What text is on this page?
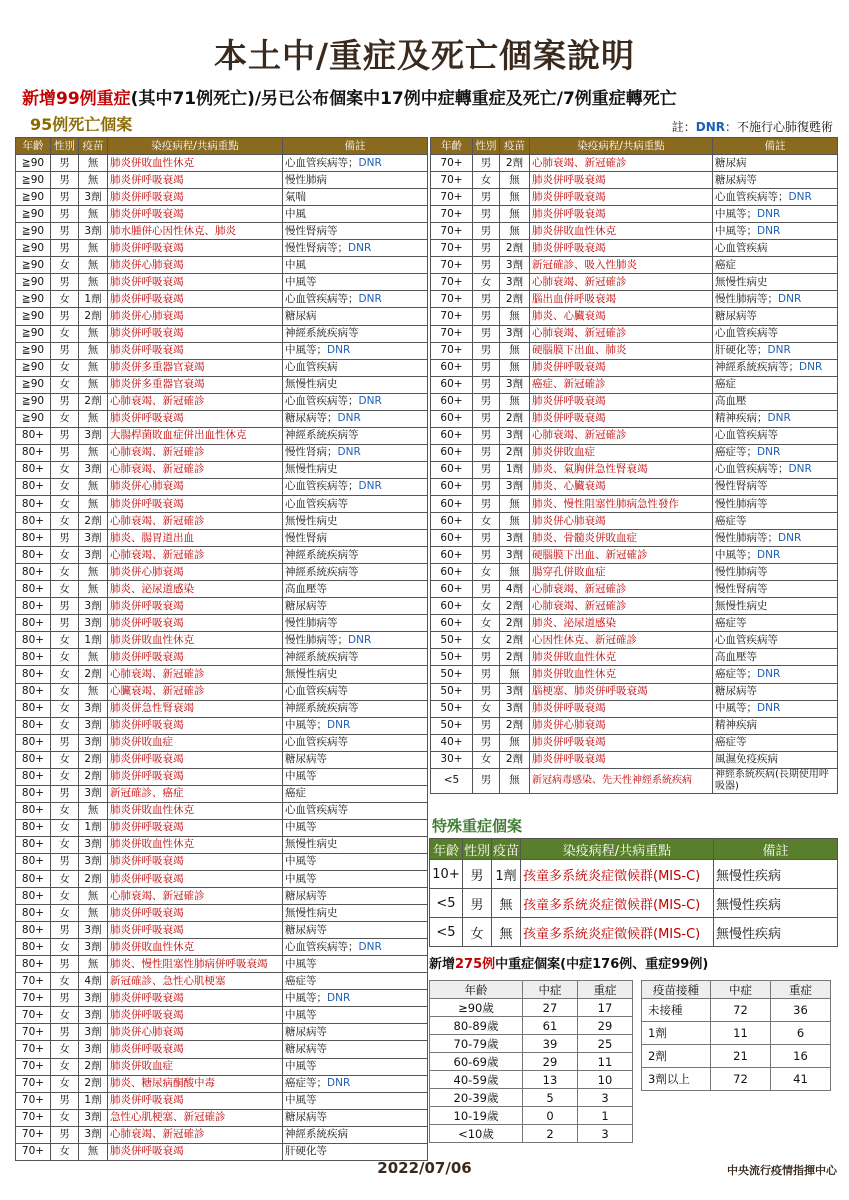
本土中/重症及死亡個案說明
新增99例重症(其中71例死亡)/另已公布個案中17例中症轉重症及死亡/7例重症轉死亡
95例死亡個案	註：DNR：不施行心肺復甦術
年齡	性別	疫苗	染疫病程/共病重點	備註
≧90	男	無	肺炎併敗血性休克	心血管疾病等；DNR
≧90	男	無	肺炎併呼吸衰竭	慢性肺病
≧90	男	3劑	肺炎併呼吸衰竭	氣喘
≧90	男	無	肺炎併呼吸衰竭	中風
≧90	男	3劑	肺水腫併心因性休克、肺炎	慢性腎病等
≧90	男	無	肺炎併呼吸衰竭	慢性腎病等；DNR
≧90	女	無	肺炎併心肺衰竭	中風
≧90	男	無	肺炎併呼吸衰竭	中風等
≧90	女	1劑	肺炎併呼吸衰竭	心血管疾病等；DNR
≧90	男	2劑	肺炎併心肺衰竭	糖尿病
≧90	女	無	肺炎併呼吸衰竭	神經系統疾病等
≧90	男	無	肺炎併呼吸衰竭	中風等；DNR
≧90	女	無	肺炎併多重器官衰竭	心血管疾病
≧90	女	無	肺炎併多重器官衰竭	無慢性病史
≧90	男	2劑	心肺衰竭、新冠確診	心血管疾病等；DNR
≧90	女	無	肺炎併呼吸衰竭	糖尿病等；DNR
80+	男	3劑	大腸桿菌敗血症併出血性休克	神經系統疾病等
80+	男	無	心肺衰竭、新冠確診	慢性肾病；DNR
80+	女	3劑	心肺衰竭、新冠確診	無慢性病史
80+	女	無	肺炎併心肺衰竭	心血管疾病等；DNR
80+	女	無	肺炎併呼吸衰竭	心血管疾病等
80+	女	2劑	心肺衰竭、新冠確診	無慢性病史
80+	男	3劑	肺炎、腸胃道出血	慢性腎病
80+	女	3劑	心肺衰竭、新冠確診	神經系統疾病等
80+	女	無	肺炎併心肺衰竭	神經系統疾病等
80+	女	無	肺炎、泌尿道感染	高血壓等
80+	男	3劑	肺炎併呼吸衰竭	糖尿病等
80+	男	3劑	肺炎併呼吸衰竭	慢性肺病等
80+	女	1劑	肺炎併敗血性休克	慢性肺病等；DNR
80+	女	無	肺炎併呼吸衰竭	神經系統疾病等
80+	女	2劑	心肺衰竭、新冠確診	無慢性病史
80+	女	無	心臟衰竭、新冠確診	心血管疾病等
80+	女	3劑	肺炎併急性腎衰竭	神經系統疾病等
80+	女	3劑	肺炎併呼吸衰竭	中風等；DNR
80+	男	3劑	肺炎併敗血症	心血管疾病等
80+	女	2劑	肺炎併呼吸衰竭	糖尿病等
80+	女	2劑	肺炎併呼吸衰竭	中風等
80+	男	3劑	新冠確診、癌症	癌症
80+	女	無	肺炎併敗血性休克	心血管疾病等
80+	女	1劑	肺炎併呼吸衰竭	中風等
80+	女	3劑	肺炎併敗血性休克	無慢性病史
80+	男	3劑	肺炎併呼吸衰竭	中風等
80+	女	2劑	肺炎併呼吸衰竭	中風等
80+	女	無	心肺衰竭、新冠確診	糖尿病等
80+	女	無	肺炎併呼吸衰竭	無慢性病史
80+	男	3劑	肺炎併呼吸衰竭	糖尿病等
80+	女	3劑	肺炎併敗血性休克	心血管疾病等；DNR
80+	男	無	肺炎、慢性阻塞性肺病併呼吸衰竭	中風等
70+	女	4劑	新冠確診、急性心肌梗塞	癌症等
70+	男	3劑	肺炎併呼吸衰竭	中風等；DNR
70+	女	3劑	肺炎併呼吸衰竭	中風等
70+	男	3劑	肺炎併心肺衰竭	糖尿病等
70+	女	3劑	肺炎併呼吸衰竭	糖尿病等
70+	女	2劑	肺炎併敗血症	中風等
70+	女	2劑	肺炎、糖尿病酮酸中毒	癌症等；DNR
70+	男	1劑	肺炎併呼吸衰竭	中風等
70+	女	3劑	急性心肌梗塞、新冠確診	糖尿病等
70+	男	3劑	心肺衰竭、新冠確診	神經系統疾病
70+	女	無	肺炎併呼吸衰竭	肝硬化等
年齡	性別	疫苗	染疫病程/共病重點	備註
70+	男	2劑	心肺衰竭、新冠確診	糖尿病
70+	女	無	肺炎併呼吸衰竭	糖尿病等
70+	男	無	肺炎併呼吸衰竭	心血管疾病等；DNR
70+	男	無	肺炎併呼吸衰竭	中風等；DNR
70+	男	無	肺炎併敗血性休克	中風等；DNR
70+	男	2劑	肺炎併呼吸衰竭	心血管疾病
70+	男	3劑	新冠確診、吸入性肺炎	癌症
70+	女	3劑	心肺衰竭、新冠確診	無慢性病史
70+	男	2劑	腦出血併呼吸衰竭	慢性肺病等；DNR
70+	男	無	肺炎、心臟衰竭	糖尿病等
70+	男	3劑	心肺衰竭、新冠確診	心血管疾病等
70+	男	無	硬腦膜下出血、肺炎	肝硬化等；DNR
60+	男	無	肺炎併呼吸衰竭	神經系統疾病等；DNR
60+	男	3劑	癌症、新冠確診	癌症
60+	男	無	肺炎併呼吸衰竭	高血壓
60+	男	2劑	肺炎併呼吸衰竭	精神疾病；DNR
60+	男	3劑	心肺衰竭、新冠確診	心血管疾病等
60+	男	2劑	肺炎併敗血症	癌症等；DNR
60+	男	1劑	肺炎、氣胸併急性腎衰竭	心血管疾病等；DNR
60+	男	3劑	肺炎、心臟衰竭	慢性腎病等
60+	男	無	肺炎、慢性阻塞性肺病急性發作	慢性肺病等
60+	女	無	肺炎併心肺衰竭	癌症等
60+	男	3劑	肺炎、骨髓炎併敗血症	慢性肺病等；DNR
60+	男	3劑	硬腦膜下出血、新冠確診	中風等；DNR
60+	女	無	腸穿孔併敗血症	慢性肺病等
60+	男	4劑	心肺衰竭、新冠確診	慢性腎病等
60+	女	2劑	心肺衰竭、新冠確診	無慢性病史
60+	女	2劑	肺炎、泌尿道感染	癌症等
50+	女	2劑	心因性休克、新冠確診	心血管疾病等
50+	男	2劑	肺炎併敗血性休克	高血壓等
50+	男	無	肺炎併敗血性休克	癌症等；DNR
50+	男	3劑	腦梗塞、肺炎併呼吸衰竭	糖尿病等
50+	女	3劑	肺炎併呼吸衰竭	中風等；DNR
50+	男	2劑	肺炎併心肺衰竭	精神疾病
40+	男	無	肺炎併呼吸衰竭	癌症等
30+	女	2劑	肺炎併呼吸衰竭	風濕免疫疾病
<5	男	無	新冠病毒感染、先天性神經系統疾病	神經系統疾病(長期使用呼吸器)
特殊重症個案
年齡	性別	疫苗	染疫病程/共病重點	備註
10+	男	1劑	孩童多系統炎症徵候群(MIS-C)	無慢性疾病
<5	男	無	孩童多系統炎症徵候群(MIS-C)	無慢性疾病
<5	女	無	孩童多系統炎症徵候群(MIS-C)	無慢性疾病
新增275例中重症個案(中症176例、重症99例)
年齡	中症	重症
≥90歲	27	17
80-89歲	61	29
70-79歲	39	25
60-69歲	29	11
40-59歲	13	10
20-39歲	5	3
10-19歲	0	1
<10歲	2	3
疫苗接種	中症	重症
未接種	72	36
1劑	11	6
2劑	21	16
3劑以上	72	41
2022/07/06	中央流行疫情指揮中心
